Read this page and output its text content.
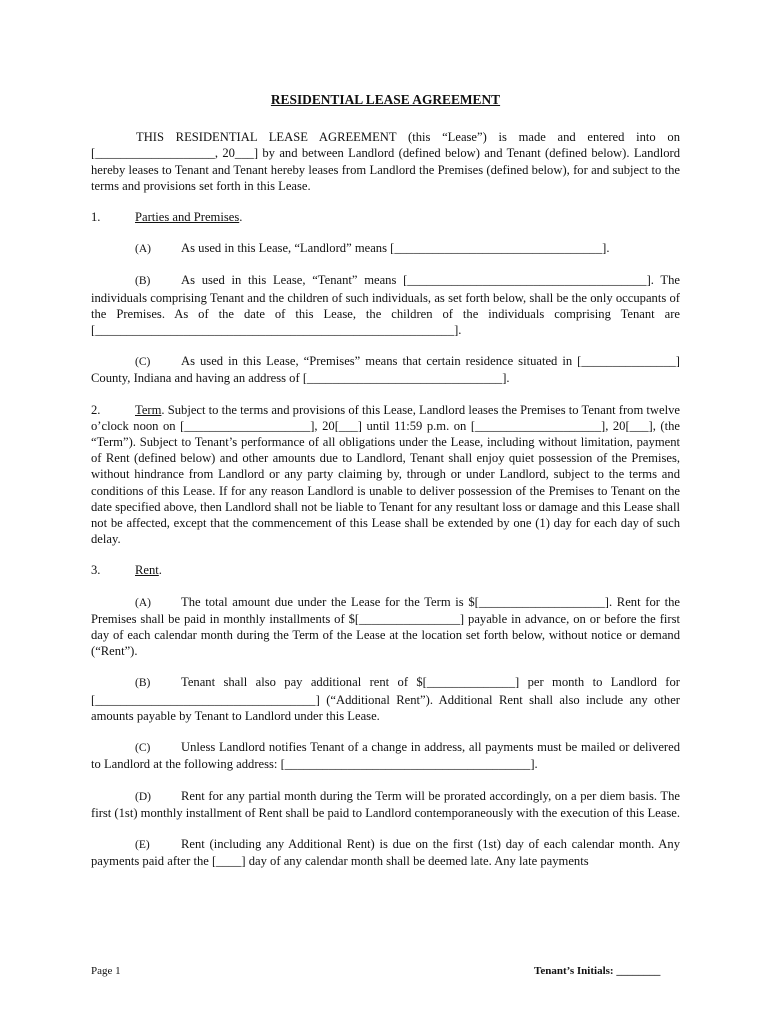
RESIDENTIAL LEASE AGREEMENT

THIS RESIDENTIAL LEASE AGREEMENT (this “Lease”) is made and entered into on [___________________, 20___] by and between Landlord (defined below) and Tenant (defined below). Landlord hereby leases to Tenant and Tenant hereby leases from Landlord the Premises (defined below), for and subject to the terms and provisions set forth in this Lease.

1.	Parties and Premises.

(A) As used in this Lease, “Landlord” means [_________________________________].

(B) As used in this Lease, “Tenant” means [______________________________________]. The individuals comprising Tenant and the children of such individuals, as set forth below, shall be the only occupants of the Premises. As of the date of this Lease, the children of the individuals comprising Tenant are [_________________________________________________________].

(C) As used in this Lease, “Premises” means that certain residence situated in [_______________] County, Indiana and having an address of [_______________________________].

2.	Term. Subject to the terms and provisions of this Lease, Landlord leases the Premises to Tenant from twelve o’clock noon on [____________________], 20[___] until 11:59 p.m. on [____________________], 20[___], (the “Term”). Subject to Tenant’s performance of all obligations under the Lease, including without limitation, payment of Rent (defined below) and other amounts due to Landlord, Tenant shall enjoy quiet possession of the Premises, without hindrance from Landlord or any party claiming by, through or under Landlord, subject to the terms and conditions of this Lease. If for any reason Landlord is unable to deliver possession of the Premises to Tenant on the date specified above, then Landlord shall not be liable to Tenant for any resultant loss or damage and this Lease shall not be affected, except that the commencement of this Lease shall be extended by one (1) day for each day of such delay.

3.	Rent.

(A) The total amount due under the Lease for the Term is $[____________________]. Rent for the Premises shall be paid in monthly installments of $[________________] payable in advance, on or before the first day of each calendar month during the Term of the Lease at the location set forth below, without notice or demand (“Rent”).

(B) Tenant shall also pay additional rent of $[______________] per month to Landlord for [___________________________________] (“Additional Rent”). Additional Rent shall also include any other amounts payable by Tenant to Landlord under this Lease.

(C) Unless Landlord notifies Tenant of a change in address, all payments must be mailed or delivered to Landlord at the following address: [_______________________________________].

(D) Rent for any partial month during the Term will be prorated accordingly, on a per diem basis. The first (1st) monthly installment of Rent shall be paid to Landlord contemporaneously with the execution of this Lease.

(E) Rent (including any Additional Rent) is due on the first (1st) day of each calendar month. Any payments paid after the [____] day of any calendar month shall be deemed late. Any late payments

Page 1	Tenant’s Initials: ________
